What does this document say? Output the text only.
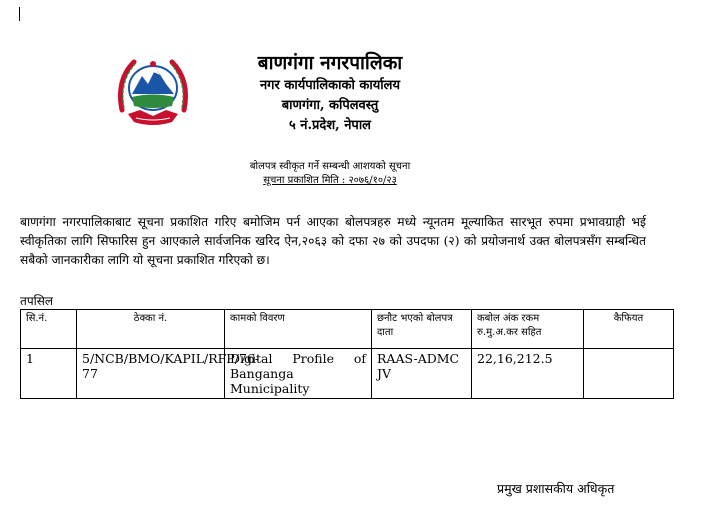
बाणगंगा नगरपालिका
नगर कार्यपालिकाको कार्यालय
बाणगंगा, कपिलवस्तु
५ नं.प्रदेश, नेपाल
बोलपत्र स्वीकृत गर्ने सम्बन्धी आशयको सूचना
सूचना प्रकाशित मिति : २०७६/१०/२३
बाणगंगा नगरपालिकाबाट सूचना प्रकाशित गरिए बमोजिम पर्न आएका बोलपत्रहरु मध्ये न्यूनतम मूल्याकित सारभूत रुपमा प्रभावग्राही भई स्वीकृतिका लागि सिफारिस हुन आएकाले सार्वजनिक खरिद ऐन,२०६३ को दफा २७ को उपदफा (२) को प्रयोजनार्थ उक्त बोलपत्रसँग सम्बन्धित सबैको जानकारीका लागि यो सूचना प्रकाशित गरिएको छ।
तपसिल
सि.नं.	ठेक्का नं.	कामको विवरण	छनौट भएको बोलपत्र दाता	कबोल अंक रकम रु.मु.अ.कर सहित	कैफियत
1	5/NCB/BMO/KAPIL/RFP/76-77	Digital Profile of Banganga Municipality	RAAS-ADMC JV	22,16,212.5	
प्रमुख प्रशासकीय अधिकृत
